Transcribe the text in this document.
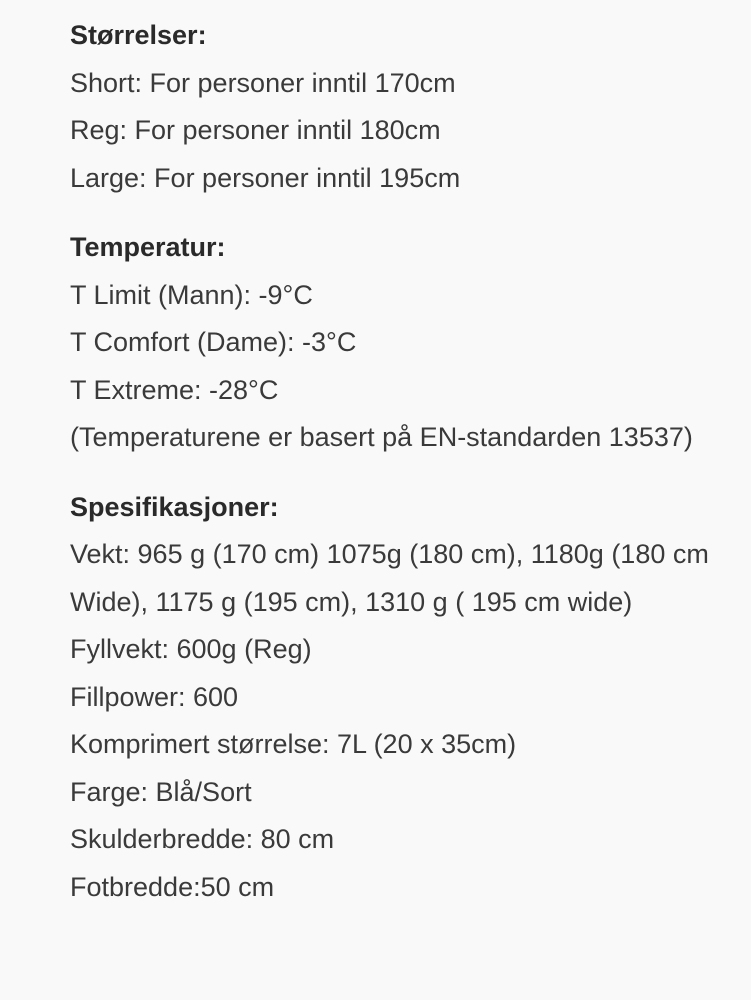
Størrelser:
Short: For personer inntil 170cm
Reg: For personer inntil 180cm
Large: For personer inntil 195cm
Temperatur:
T Limit (Mann): -9°C
T Comfort (Dame): -3°C
T Extreme: -28°C
(Temperaturene er basert på EN-standarden 13537)
Spesifikasjoner:
Vekt: 965 g (170 cm) 1075g (180 cm), 1180g (180 cm Wide), 1175 g (195 cm), 1310 g ( 195 cm wide)
Fyllvekt: 600g (Reg)
Fillpower: 600
Komprimert størrelse: 7L (20 x 35cm)
Farge: Blå/Sort
Skulderbredde: 80 cm
Fotbredde:50 cm
